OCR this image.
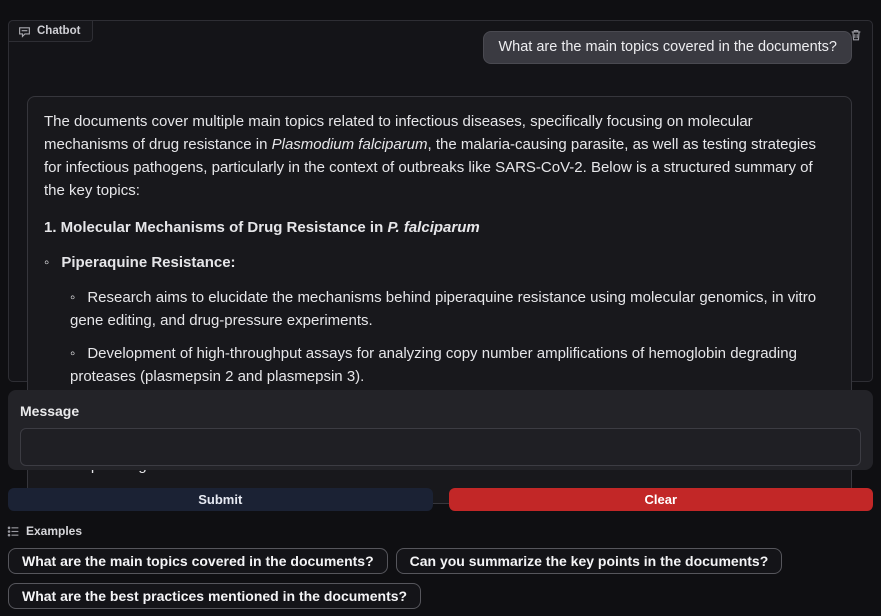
Chatbot
What are the main topics covered in the documents?

The documents cover multiple main topics related to infectious diseases, specifically focusing on molecular mechanisms of drug resistance in Plasmodium falciparum, the malaria-causing parasite, as well as testing strategies for infectious pathogens, particularly in the context of outbreaks like SARS-CoV-2. Below is a structured summary of the key topics:

1. Molecular Mechanisms of Drug Resistance in P. falciparum

◦ Piperaquine Resistance:
◦ Research aims to elucidate the mechanisms behind piperaquine resistance using molecular genomics, in vitro gene editing, and drug-pressure experiments.
◦ Development of high-throughput assays for analyzing copy number amplifications of hemoglobin degrading proteases (plasmepsin 2 and plasmepsin 3).
◦
◦
Message
Submit	Clear
Examples
What are the main topics covered in the documents?	Can you summarize the key points in the documents?
What are the best practices mentioned in the documents?
